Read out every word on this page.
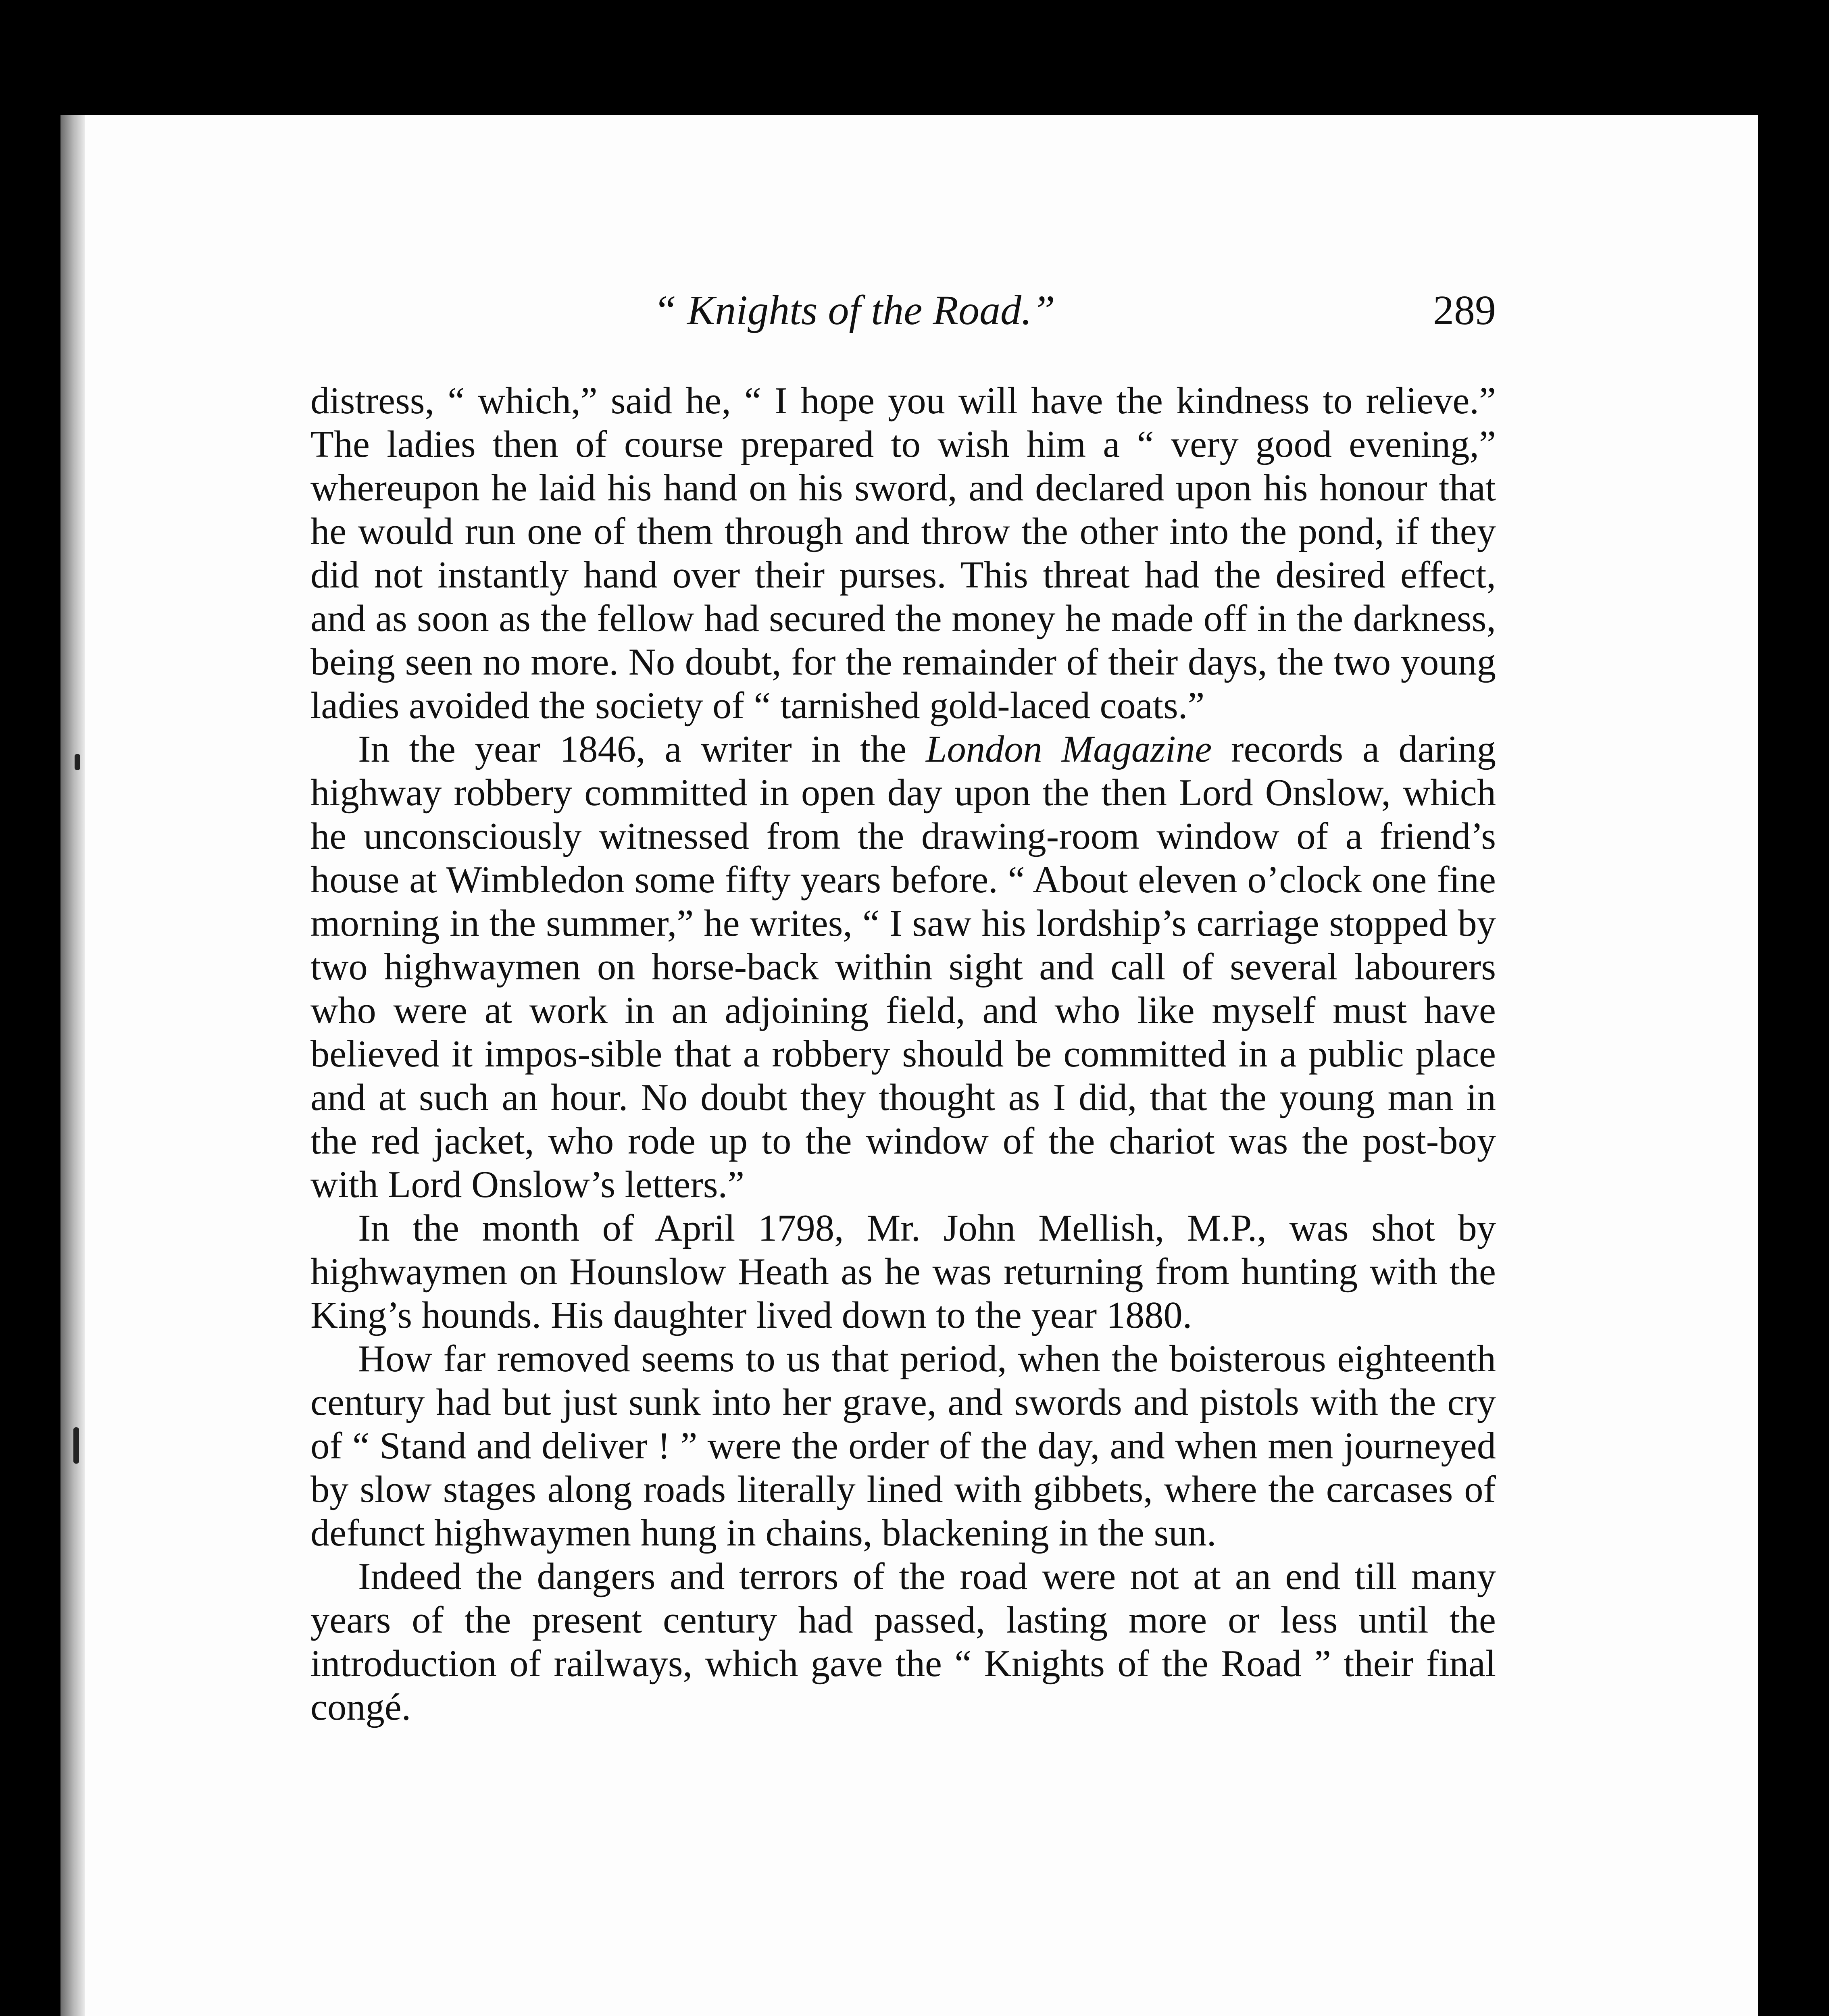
“ Knights of the Road.”	289

distress, “ which,” said he, “ I hope you will have the kindness to relieve.” The ladies then of course prepared to wish him a “ very good evening,” whereupon he laid his hand on his sword, and declared upon his honour that he would run one of them through and throw the other into the pond, if they did not instantly hand over their purses. This threat had the desired effect, and as soon as the fellow had secured the money he made off in the darkness, being seen no more. No doubt, for the remainder of their days, the two young ladies avoided the society of “ tarnished gold-laced coats.”

In the year 1846, a writer in the London Magazine records a daring highway robbery committed in open day upon the then Lord Onslow, which he unconsciously witnessed from the drawing-room window of a friend’s house at Wimbledon some fifty years before. “ About eleven o’clock one fine morning in the summer,” he writes, “ I saw his lordship’s carriage stopped by two highwaymen on horse-back within sight and call of several labourers who were at work in an adjoining field, and who like myself must have believed it impos-sible that a robbery should be committed in a public place and at such an hour. No doubt they thought as I did, that the young man in the red jacket, who rode up to the window of the chariot was the post-boy with Lord Onslow’s letters.”

In the month of April 1798, Mr. John Mellish, M.P., was shot by highwaymen on Hounslow Heath as he was returning from hunting with the King’s hounds. His daughter lived down to the year 1880.

How far removed seems to us that period, when the boisterous eighteenth century had but just sunk into her grave, and swords and pistols with the cry of “ Stand and deliver ! ” were the order of the day, and when men journeyed by slow stages along roads literally lined with gibbets, where the carcases of defunct highwaymen hung in chains, blackening in the sun.

Indeed the dangers and terrors of the road were not at an end till many years of the present century had passed, lasting more or less until the introduction of railways, which gave the “ Knights of the Road ” their final congé.
